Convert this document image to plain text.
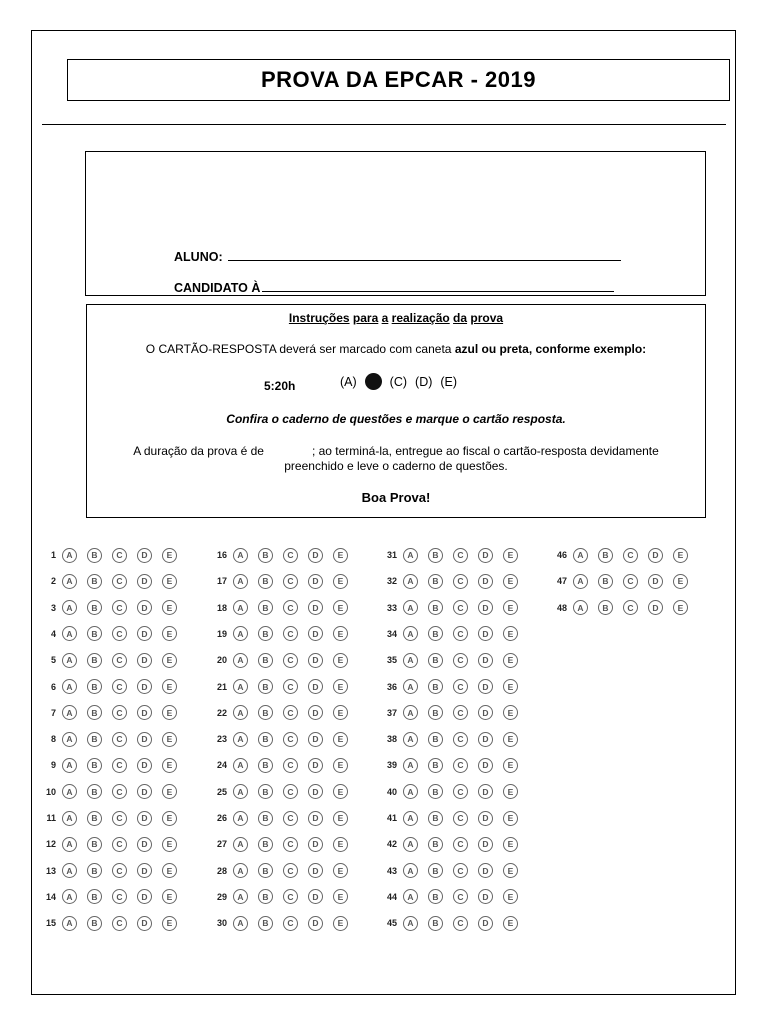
PROVA DA EPCAR - 2019
ALUNO:
CANDIDATO À
Instruções para a realização da prova
O CARTÃO-RESPOSTA deverá ser marcado com caneta azul ou preta, conforme exemplo:
5:20h	(A)	(C) (D) (E)
Confira o caderno de questões e marque o cartão resposta.
A duração da prova é de	; ao terminá-la, entregue ao fiscal o cartão-resposta devidamente preenchido e leve o caderno de questões.
Boa Prova!
1	A	B	C	D	E
2	A	B	C	D	E
3	A	B	C	D	E
4	A	B	C	D	E
5	A	B	C	D	E
6	A	B	C	D	E
7	A	B	C	D	E
8	A	B	C	D	E
9	A	B	C	D	E
10	A	B	C	D	E
11	A	B	C	D	E
12	A	B	C	D	E
13	A	B	C	D	E
14	A	B	C	D	E
15	A	B	C	D	E
16	A	B	C	D	E
17	A	B	C	D	E
18	A	B	C	D	E
19	A	B	C	D	E
20	A	B	C	D	E
21	A	B	C	D	E
22	A	B	C	D	E
23	A	B	C	D	E
24	A	B	C	D	E
25	A	B	C	D	E
26	A	B	C	D	E
27	A	B	C	D	E
28	A	B	C	D	E
29	A	B	C	D	E
30	A	B	C	D	E
31	A	B	C	D	E
32	A	B	C	D	E
33	A	B	C	D	E
34	A	B	C	D	E
35	A	B	C	D	E
36	A	B	C	D	E
37	A	B	C	D	E
38	A	B	C	D	E
39	A	B	C	D	E
40	A	B	C	D	E
41	A	B	C	D	E
42	A	B	C	D	E
43	A	B	C	D	E
44	A	B	C	D	E
45	A	B	C	D	E
46	A	B	C	D	E
47	A	B	C	D	E
48	A	B	C	D	E
